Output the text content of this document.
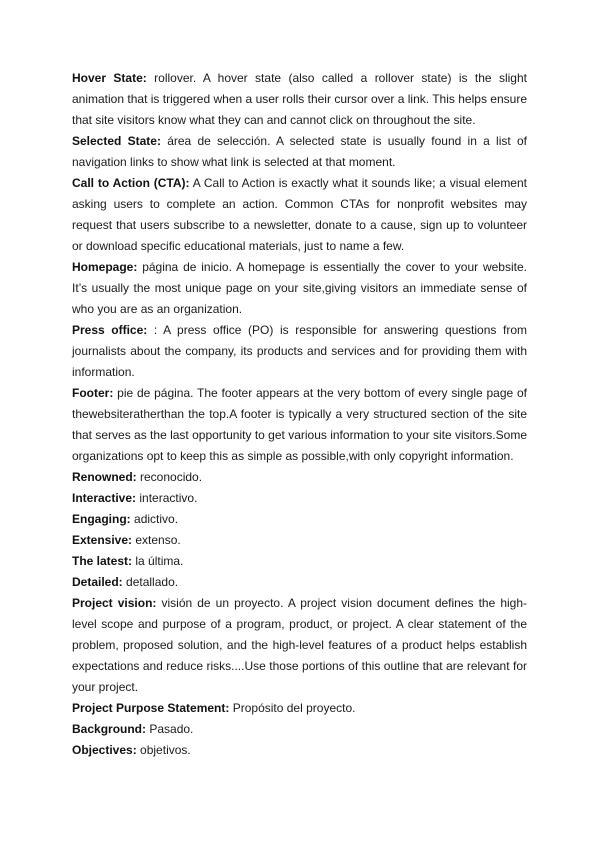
Hover State: rollover. A hover state (also called a rollover state) is the slight animation that is triggered when a user rolls their cursor over a link. This helps ensure that site visitors know what they can and cannot click on throughout the site.

Selected State: área de selección. A selected state is usually found in a list of navigation links to show what link is selected at that moment.

Call to Action (CTA): A Call to Action is exactly what it sounds like; a visual element asking users to complete an action. Common CTAs for nonprofit websites may request that users subscribe to a newsletter, donate to a cause, sign up to volunteer or download specific educational materials, just to name a few.

Homepage: página de inicio. A homepage is essentially the cover to your website. It’s usually the most unique page on your site,giving visitors an immediate sense of who you are as an organization.

Press office: : A press office (PO) is responsible for answering questions from journalists about the company, its products and services and for providing them with information.

Footer: pie de página. The footer appears at the very bottom of every single page of thewebsiteratherthan the top.A footer is typically a very structured section of the site that serves as the last opportunity to get various information to your site visitors.Some organizations opt to keep this as simple as possible,with only copyright information.

Renowned: reconocido.

Interactive: interactivo.

Engaging: adictivo.

Extensive: extenso.

The latest: la última.

Detailed: detallado.

Project vision: visión de un proyecto. A project vision document defines the high-level scope and purpose of a program, product, or project. A clear statement of the problem, proposed solution, and the high-level features of a product helps establish expectations and reduce risks....Use those portions of this outline that are relevant for your project.

Project Purpose Statement: Propósito del proyecto.

Background: Pasado.

Objectives: objetivos.
